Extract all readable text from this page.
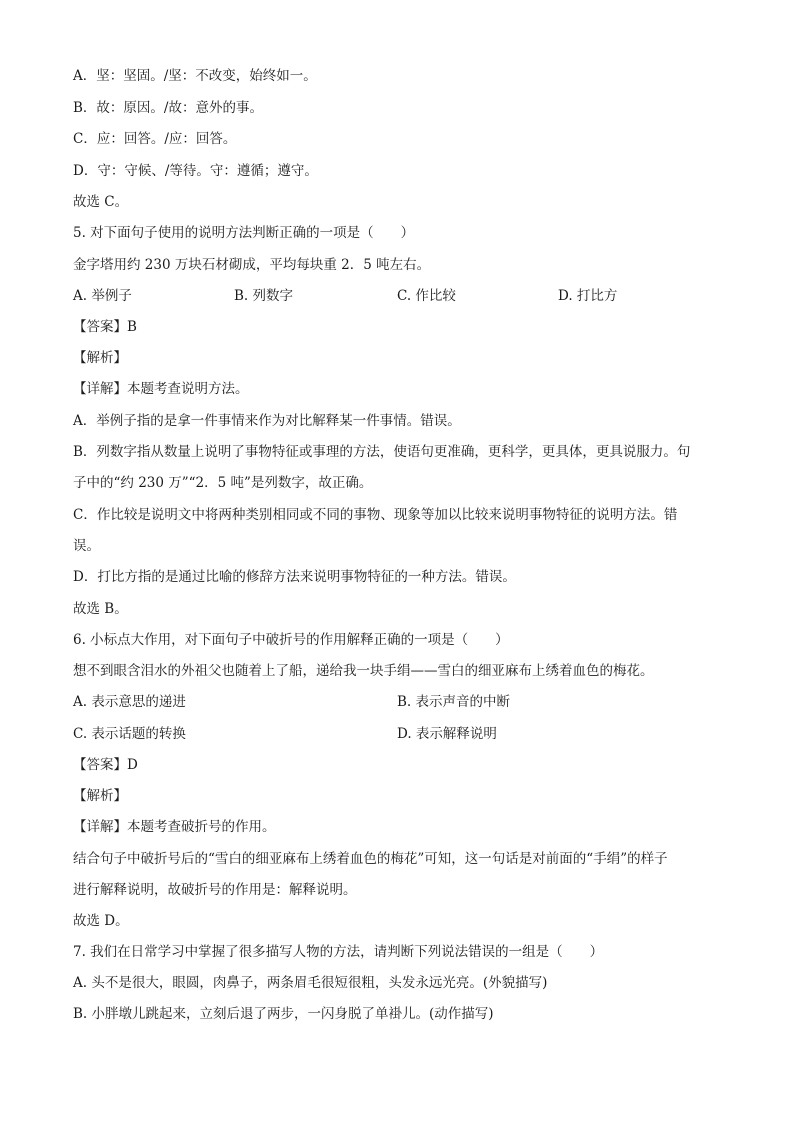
A．坚：坚固。/坚：不改变，始终如一。
B．故：原因。/故：意外的事。
C．应：回答。/应：回答。
D．守：守候、/等待。守：遵循；遵守。
故选 C。
5. 对下面句子使用的说明方法判断正确的一项是（　　）
金字塔用约 230 万块石材砌成，平均每块重 2．5 吨左右。
A. 举例子	B. 列数字	C. 作比较	D. 打比方
【答案】B
【解析】
【详解】本题考查说明方法。
A．举例子指的是拿一件事情来作为对比解释某一件事情。错误。
B．列数字指从数量上说明了事物特征或事理的方法，使语句更准确，更科学，更具体，更具说服力。句
子中的“约 230 万”“2．5 吨”是列数字，故正确。
C．作比较是说明文中将两种类别相同或不同的事物、现象等加以比较来说明事物特征的说明方法。错
误。
D．打比方指的是通过比喻的修辞方法来说明事物特征的一种方法。错误。
故选 B。
6. 小标点大作用，对下面句子中破折号的作用解释正确的一项是（　　）
想不到眼含泪水的外祖父也随着上了船，递给我一块手绢——雪白的细亚麻布上绣着血色的梅花。
A. 表示意思的递进	B. 表示声音的中断
C. 表示话题的转换	D. 表示解释说明
【答案】D
【解析】
【详解】本题考查破折号的作用。
结合句子中破折号后的“雪白的细亚麻布上绣着血色的梅花”可知，这一句话是对前面的“手绢”的样子
进行解释说明，故破折号的作用是：解释说明。
故选 D。
7. 我们在日常学习中掌握了很多描写人物的方法，请判断下列说法错误的一组是（　　）
A. 头不是很大，眼圆，肉鼻子，两条眉毛很短很粗，头发永远光亮。(外貌描写)
B. 小胖墩儿跳起来，立刻后退了两步，一闪身脱了单褂儿。(动作描写)
